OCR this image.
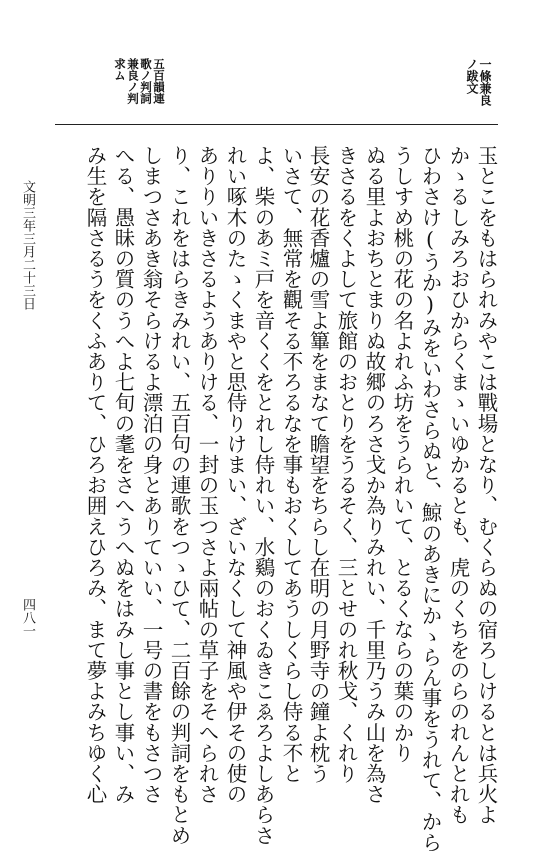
一條兼良
ノ跋文
五百韻連
歌ノ判詞
兼良ノ判
求ム
玉とこをもはられみやこは戰場となり、むくらぬの宿ろしけるとは兵火よ
かゝるしみろおひからくまゝいゆかるとも、虎のくちをのらのれんとれも
ひわさけ(うか)みをいわさらぬと、鯨のあきにかゝらん事をうれて、から
うしすめ桃の花の名よれふ坊をうられいて、とるくならの葉のかり
ぬる里よおちとまりぬ故郷のろさ戈か為りみれい、千里乃うみ山を為さ
きさるをくよして旅館のおとりをうるそく、三とせのれ秋戈、くれり
長安の花香爐の雪よ篳をまなて瞻望をちらし在明の月野寺の鐘よ枕う
いさて、無常を觀そる不ろるなを事もおくしてあうしくらし侍る不と
よ、柴のあミ戸を音くくをとれし侍れい、水鷄のおくゐきこゑろよしあらさ
れい啄木のたゝくまやと思侍りけまい、ざいなくして神風や伊その使の
ありりいきさるようありける、一封の玉つさよ兩帖の草子をそへられさ
り、これをはらきみれい、五百句の連歌をつゝひて、二百餘の判詞をもとめ
しまつさあき翁そらけるよ漂泊の身とありていい、一号の書をもさつさ
へる、愚昧の質のうへよ七旬の耄をさへうへぬをはみし事とし事い、み
み生を隔さるうをくふありて、ひろお囲えひろみ、まて夢よみちゆく心
文明三年三月二十三日
四八一
